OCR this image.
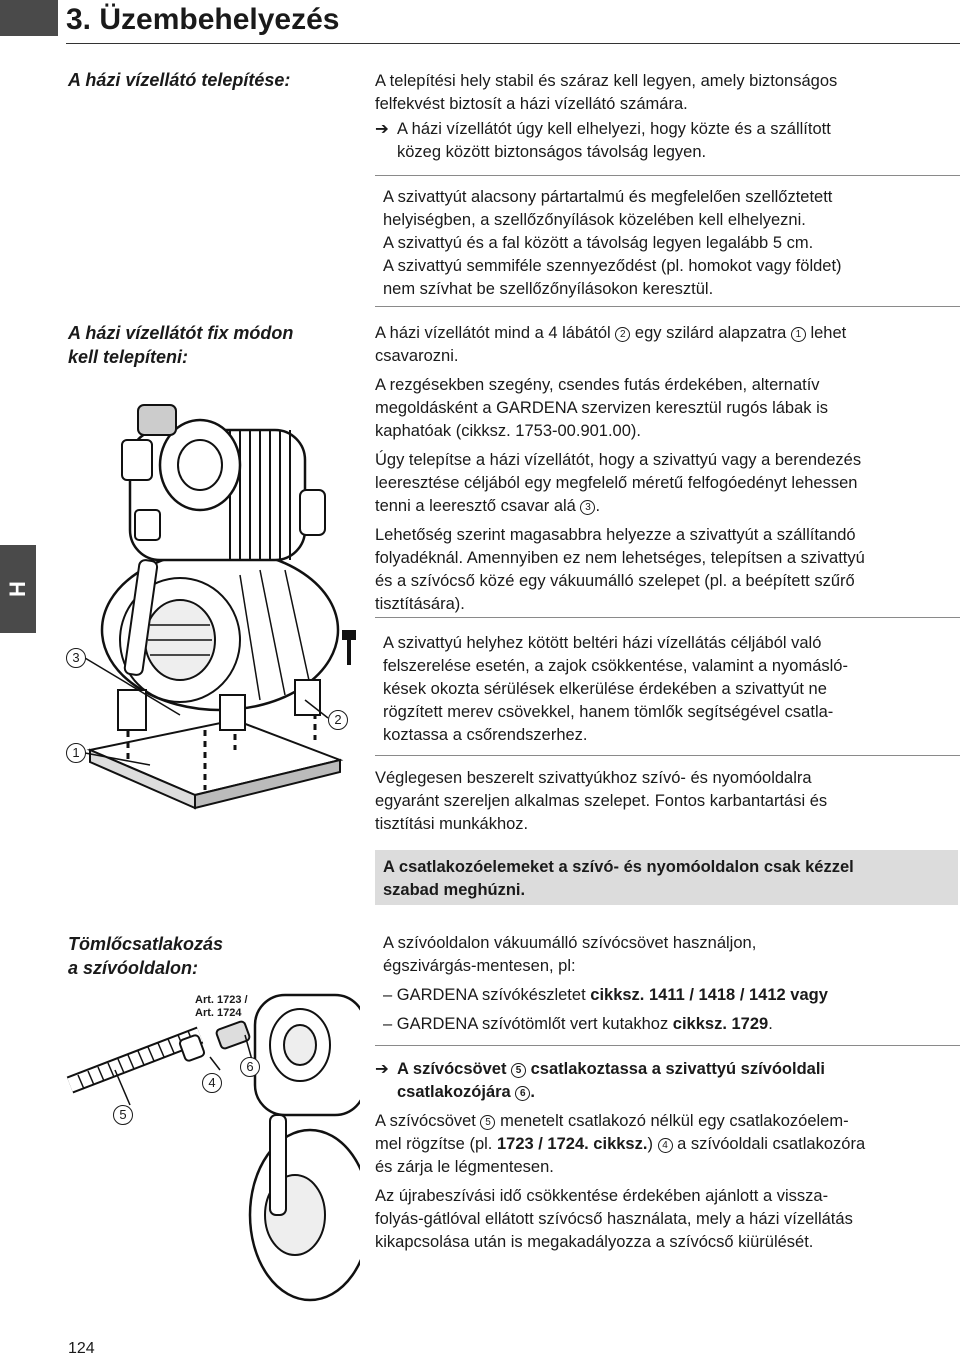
3. Üzembehelyezés
H
A házi vízellátó telepítése:
A házi vízellátót fix módon
kell telepíteni:
Tömlőcsatlakozás
a szívóoldalon:
A telepítési hely stabil és száraz kell legyen, amely biztonságos
felfekvést biztosít a házi vízellátó számára.
➔ A házi vízellátót úgy kell elhelyezi, hogy közte és a szállított
közeg között biztonságos távolság legyen.
A szivattyút alacsony pártartalmú és megfelelően szellőztetett
helyiségben, a szellőzőnyílások közelében kell elhelyezni.
A szivattyú és a fal között a távolság legyen legalább 5 cm.
A szivattyú semmiféle szennyeződést (pl. homokot vagy földet)
nem szívhat be szellőzőnyílásokon keresztül.
A házi vízellátót mind a 4 lábától 2 egy szilárd alapzatra 1 lehet
csavarozni.
A rezgésekben szegény, csendes futás érdekében, alternatív
megoldásként a GARDENA szervizen keresztül rugós lábak is
kaphatóak (cikksz. 1753-00.901.00).
Úgy telepítse a házi vízellátót, hogy a szivattyú vagy a berendezés
leeresztése céljából egy megfelelő méretű felfogóedényt lehessen
tenni a leeresztő csavar alá 3 .
Lehetőség szerint magasabbra helyezze a szivattyút a szállítandó
folyadéknál. Amennyiben ez nem lehetséges, telepítsen a szivattyú
és a szívócső közé egy vákuumálló szelepet (pl. a beépített szűrő
tisztítására).
A szivattyú helyhez kötött beltéri házi vízellátás céljából való
felszerelése esetén, a zajok csökkentése, valamint a nyomásló-
kések okozta sérülések elkerülése érdekében a szivattyút ne
rögzített merev csövekkel, hanem tömlők segítségével csatla-
koztassa a csőrendszerhez.
Véglegesen beszerelt szivattyúkhoz szívó- és nyomóoldalra
egyaránt szereljen alkalmas szelepet. Fontos karbantartási és
tisztítási munkákhoz.
A csatlakozóelemeket a szívó- és nyomóoldalon csak kézzel
szabad meghúzni.
A szívóoldalon vákuumálló szívócsövet használjon,
égszivárgás-mentesen, pl:
– GARDENA szívókészletet cikksz. 1411 / 1418 / 1412 vagy
– GARDENA szívótömlőt vert kutakhoz cikksz. 1729.
➔ A szívócsövet 5 csatlakoztassa a szivattyú szívóoldali
csatlakozójára 6 .
A szívócsövet 5 menetelt csatlakozó nélkül egy csatlakozóelem-
mel rögzítse (pl. 1723 / 1724. cikksz.) 4 a szívóoldali csatlakozóra
és zárja le légmentesen.
Az újrabeszívási idő csökkentése érdekében ajánlott a vissza-
folyás-gátlóval ellátott szívócső használata, mely a házi vízellátás
kikapcsolása után is megakadályozza a szívócső kiürülését.
3
1
2
Art. 1723 /
Art. 1724
4
5
6
124
